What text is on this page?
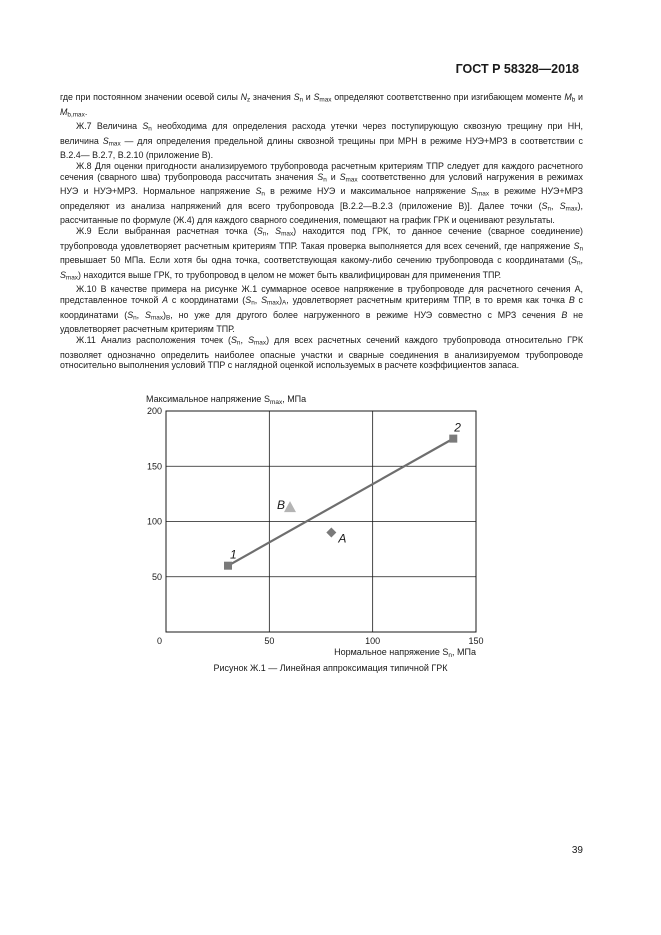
ГОСТ Р 58328—2018

где при постоянном значении осевой силы $N_z$ значения $S_n$ и $S_{max}$ определяют соответственно при изгибающем моменте $M_b$ и $M_{b,max}$.

Ж.7 Величина $S_n$ необходима для определения расхода утечки через поступирующую сквозную трещину при НН, величина $S_{max}$ — для определения предельной длины сквозной трещины при МРН в режиме НУЭ+МРЗ в соответствии с В.2.4— В.2.7, В.2.10 (приложение В).

Ж.8 Для оценки пригодности анализируемого трубопровода расчетным критериям ТПР следует для каждого расчетного сечения (сварного шва) трубопровода рассчитать значения $S_n$ и $S_{max}$ соответственно для условий нагружения в режимах НУЭ и НУЭ+МРЗ. Нормальное напряжение $S_n$ в режиме НУЭ и максимальное напряжение $S_{max}$ в режиме НУЭ+МРЗ определяют из анализа напряжений для всего трубопровода [В.2.2—В.2.3 (приложение В)]. Далее точки ($S_n$, $S_{max}$), рассчитанные по формуле (Ж.4) для каждого сварного соединения, помещают на график ГРК и оценивают результаты.

Ж.9 Если выбранная расчетная точка ($S_n$, $S_{max}$) находится под ГРК, то данное сечение (сварное соединение) трубопровода удовлетворяет расчетным критериям ТПР. Такая проверка выполняется для всех сечений, где напряжение $S_n$ превышает 50 МПа. Если хотя бы одна точка, соответствующая какому-либо сечению трубопровода с координатами ($S_n$, $S_{max}$) находится выше ГРК, то трубопровод в целом не может быть квалифицирован для применения ТПР.

Ж.10 В качестве примера на рисунке Ж.1 суммарное осевое напряжение в трубопроводе для расчетного сечения А, представленное точкой А с координатами ($S_n$, $S_{max})_A$, удовлетворяет расчетным критериям ТПР, в то время как точка В с координатами ($S_n$, $S_{max})_B$, но уже для другого более нагруженного в режиме НУЭ совместно с МРЗ сечения В не удовлетворяет расчетным критериям ТПР.

Ж.11 Анализ расположения точек ($S_n$, $S_{max}$) для всех расчетных сечений каждого трубопровода относительно ГРК позволяет однозначно определить наиболее опасные участки и сварные соединения в анализируемом трубопроводе относительно выполнения условий ТПР с наглядной оценкой используемых в расчете коэффициентов запаса.

50
100
150
200
50	100	150
0
Максимальное напряжение $S_{max}$, МПа
Нормальное напряжение $S_n$, МПа
1
2
A
B
Рисунок Ж.1 — Линейная аппроксимация типичной ГРК
39
